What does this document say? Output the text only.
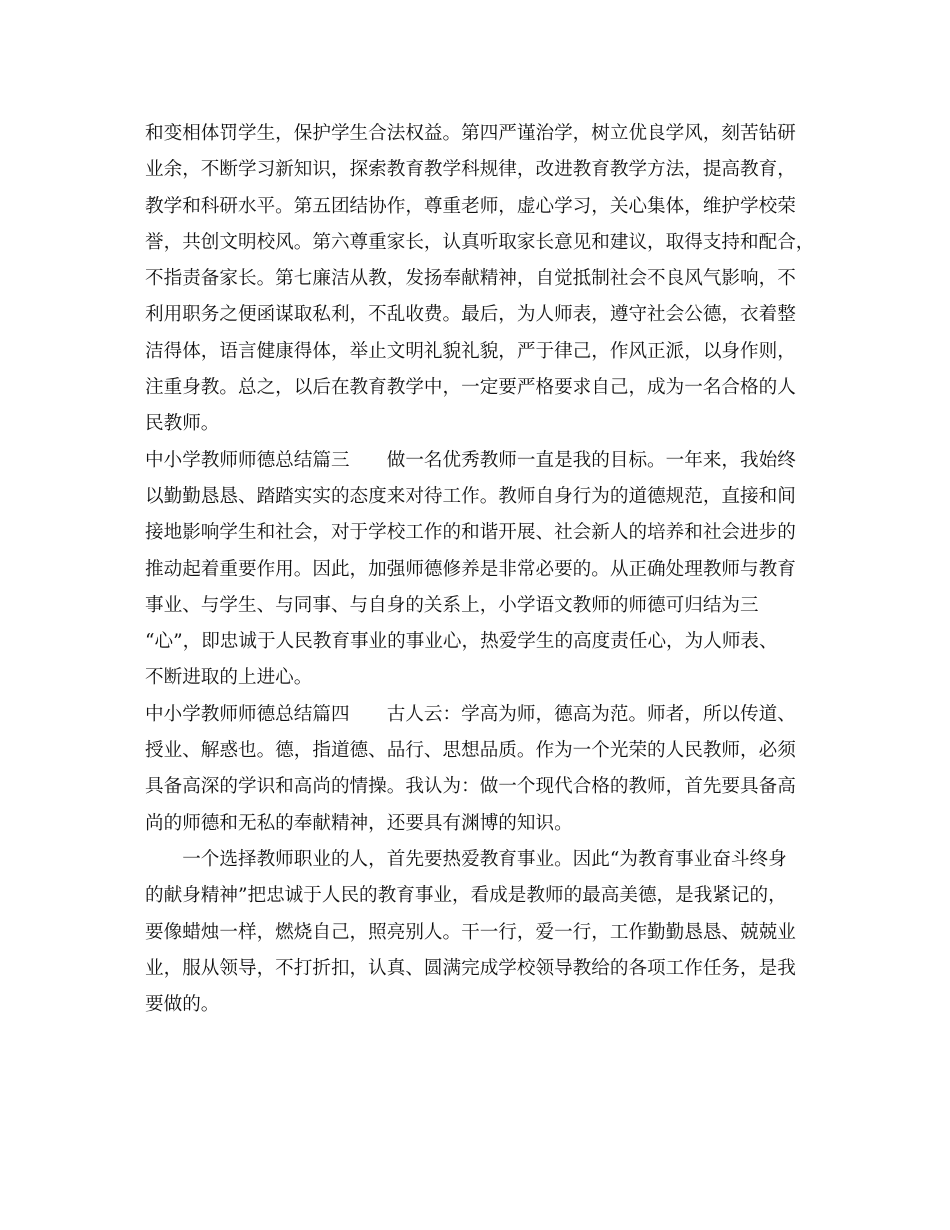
和变相体罚学生，保护学生合法权益。第四严谨治学，树立优良学风，刻苦钻研
业余，不断学习新知识，探索教育教学科规律，改进教育教学方法，提高教育，
教学和科研水平。第五团结协作，尊重老师，虚心学习，关心集体，维护学校荣
誉，共创文明校风。第六尊重家长，认真听取家长意见和建议，取得支持和配合，
不指责备家长。第七廉洁从教，发扬奉献精神，自觉抵制社会不良风气影响，不
利用职务之便函谋取私利，不乱收费。最后，为人师表，遵守社会公德，衣着整
洁得体，语言健康得体，举止文明礼貌礼貌，严于律己，作风正派，以身作则，
注重身教。总之，以后在教育教学中，一定要严格要求自己，成为一名合格的人
民教师。
中小学教师师德总结篇三　　做一名优秀教师一直是我的目标。一年来，我始终
以勤勤恳恳、踏踏实实的态度来对待工作。教师自身行为的道德规范，直接和间
接地影响学生和社会，对于学校工作的和谐开展、社会新人的培养和社会进步的
推动起着重要作用。因此，加强师德修养是非常必要的。从正确处理教师与教育
事业、与学生、与同事、与自身的关系上，小学语文教师的师德可归结为三
“心”，即忠诚于人民教育事业的事业心，热爱学生的高度责任心，为人师表、
不断进取的上进心。
中小学教师师德总结篇四　　古人云：学高为师，德高为范。师者，所以传道、
授业、解惑也。德，指道德、品行、思想品质。作为一个光荣的人民教师，必须
具备高深的学识和高尚的情操。我认为：做一个现代合格的教师，首先要具备高
尚的师德和无私的奉献精神，还要具有渊博的知识。
　　一个选择教师职业的人，首先要热爱教育事业。因此“为教育事业奋斗终身
的献身精神”把忠诚于人民的教育事业，看成是教师的最高美德，是我紧记的，
要像蜡烛一样，燃烧自己，照亮别人。干一行，爱一行，工作勤勤恳恳、兢兢业
业，服从领导，不打折扣，认真、圆满完成学校领导教给的各项工作任务，是我
要做的。
